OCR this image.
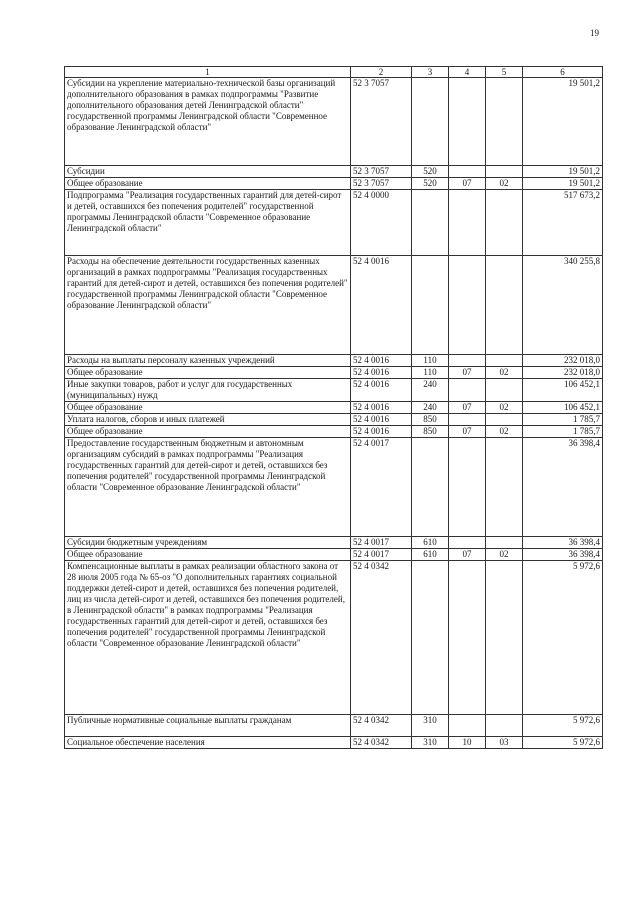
19
1	2	3	4	5	6
Субсидии на укрепление материально-технической базы организаций дополнительного образования в рамках подпрограммы "Развитие дополнительного образования детей Ленинградской области" государственной программы Ленинградской области "Современное образование Ленинградской области"	52 3 7057				19 501,2
Субсидии	52 3 7057	520			19 501,2
Общее образование	52 3 7057	520	07	02	19 501,2
Подпрограмма "Реализация государственных гарантий для детей-сирот и детей, оставшихся без попечения родителей" государственной программы Ленинградской области "Современное образование Ленинградской области"	52 4 0000				517 673,2
Расходы на обеспечение деятельности государственных казенных организаций в рамках подпрограммы "Реализация государственных гарантий для детей-сирот и детей, оставшихся без попечения родителей" государственной программы Ленинградской области "Современное образование Ленинградской области"	52 4 0016				340 255,8
Расходы на выплаты персоналу казенных учреждений	52 4 0016	110			232 018,0
Общее образование	52 4 0016	110	07	02	232 018,0
Иные закупки товаров, работ и услуг для государственных (муниципальных) нужд	52 4 0016	240			106 452,1
Общее образование	52 4 0016	240	07	02	106 452,1
Уплата налогов, сборов и иных платежей	52 4 0016	850			1 785,7
Общее образование	52 4 0016	850	07	02	1 785,7
Предоставление государственным бюджетным и автономным организациям субсидий в рамках подпрограммы "Реализация государственных гарантий для детей-сирот и детей, оставшихся без попечения родителей" государственной программы Ленинградской области "Современное образование Ленинградской области"	52 4 0017				36 398,4
Субсидии бюджетным учреждениям	52 4 0017	610			36 398,4
Общее образование	52 4 0017	610	07	02	36 398,4
Компенсационные выплаты в рамках реализации областного закона от 28 июля 2005 года № 65-оз "О дополнительных гарантиях социальной поддержки детей-сирот и детей, оставшихся без попечения родителей, лиц из числа детей-сирот и детей, оставшихся без попечения родителей, в Ленинградской области" в рамках подпрограммы "Реализация государственных гарантий для детей-сирот и детей, оставшихся без попечения родителей" государственной программы Ленинградской области "Современное образование Ленинградской области"	52 4 0342				5 972,6
Публичные нормативные социальные выплаты гражданам	52 4 0342	310			5 972,6
Социальное обеспечение населения	52 4 0342	310	10	03	5 972,6
